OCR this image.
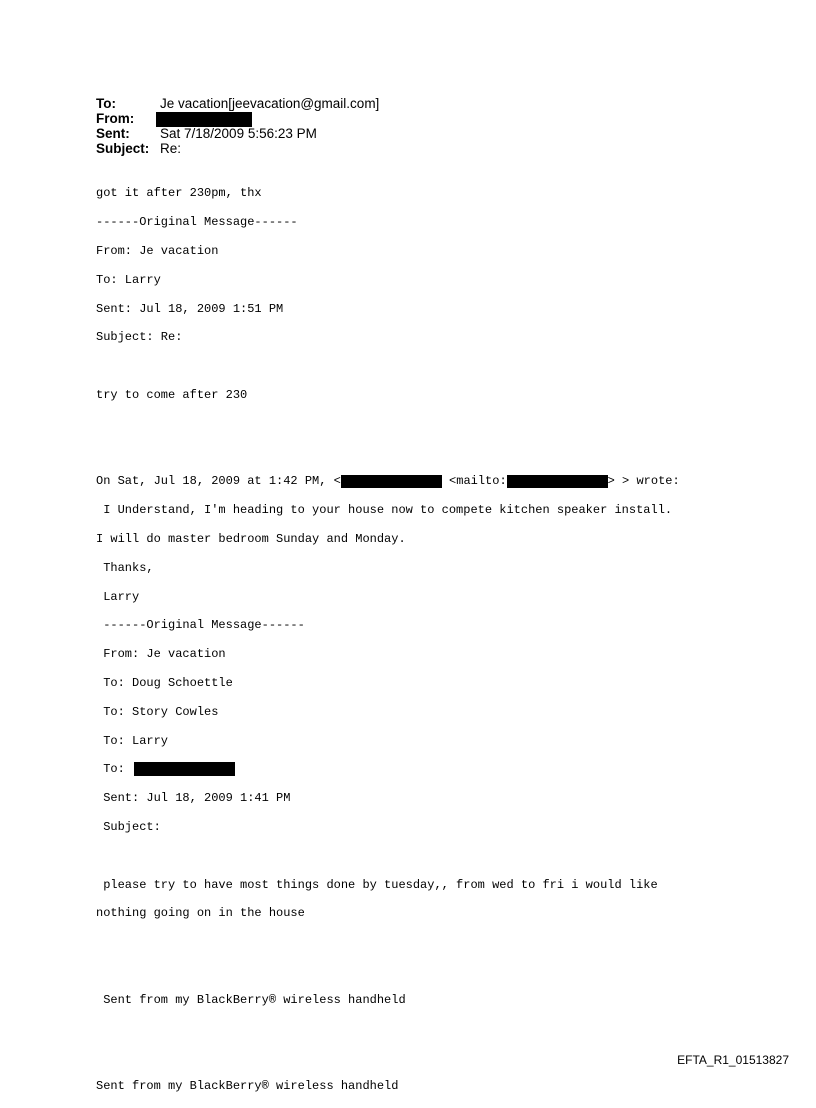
To:	Je vacation[jeevacation@gmail.com]
From:
Sent: Sat 7/18/2009 5:56:23 PM
Subject: Re:

got it after 230pm, thx

------Original Message------

From: Je vacation

To: Larry

Sent: Jul 18, 2009 1:51 PM

Subject: Re:

try to come after 230

On Sat, Jul 18, 2009 at 1:42 PM, <	<mailto:	> > wrote:

I Understand, I'm heading to your house now to compete kitchen speaker install.

I will do master bedroom Sunday and Monday.

Thanks,

Larry

------Original Message------

From: Je vacation

To: Doug Schoettle

To: Story Cowles

To: Larry

To:

Sent: Jul 18, 2009 1:41 PM

Subject:

please try to have most things done by tuesday,, from wed to fri i would like

nothing going on in the house

Sent from my BlackBerry® wireless handheld

Sent from my BlackBerry® wireless handheld

EFTA_R1_01513827
